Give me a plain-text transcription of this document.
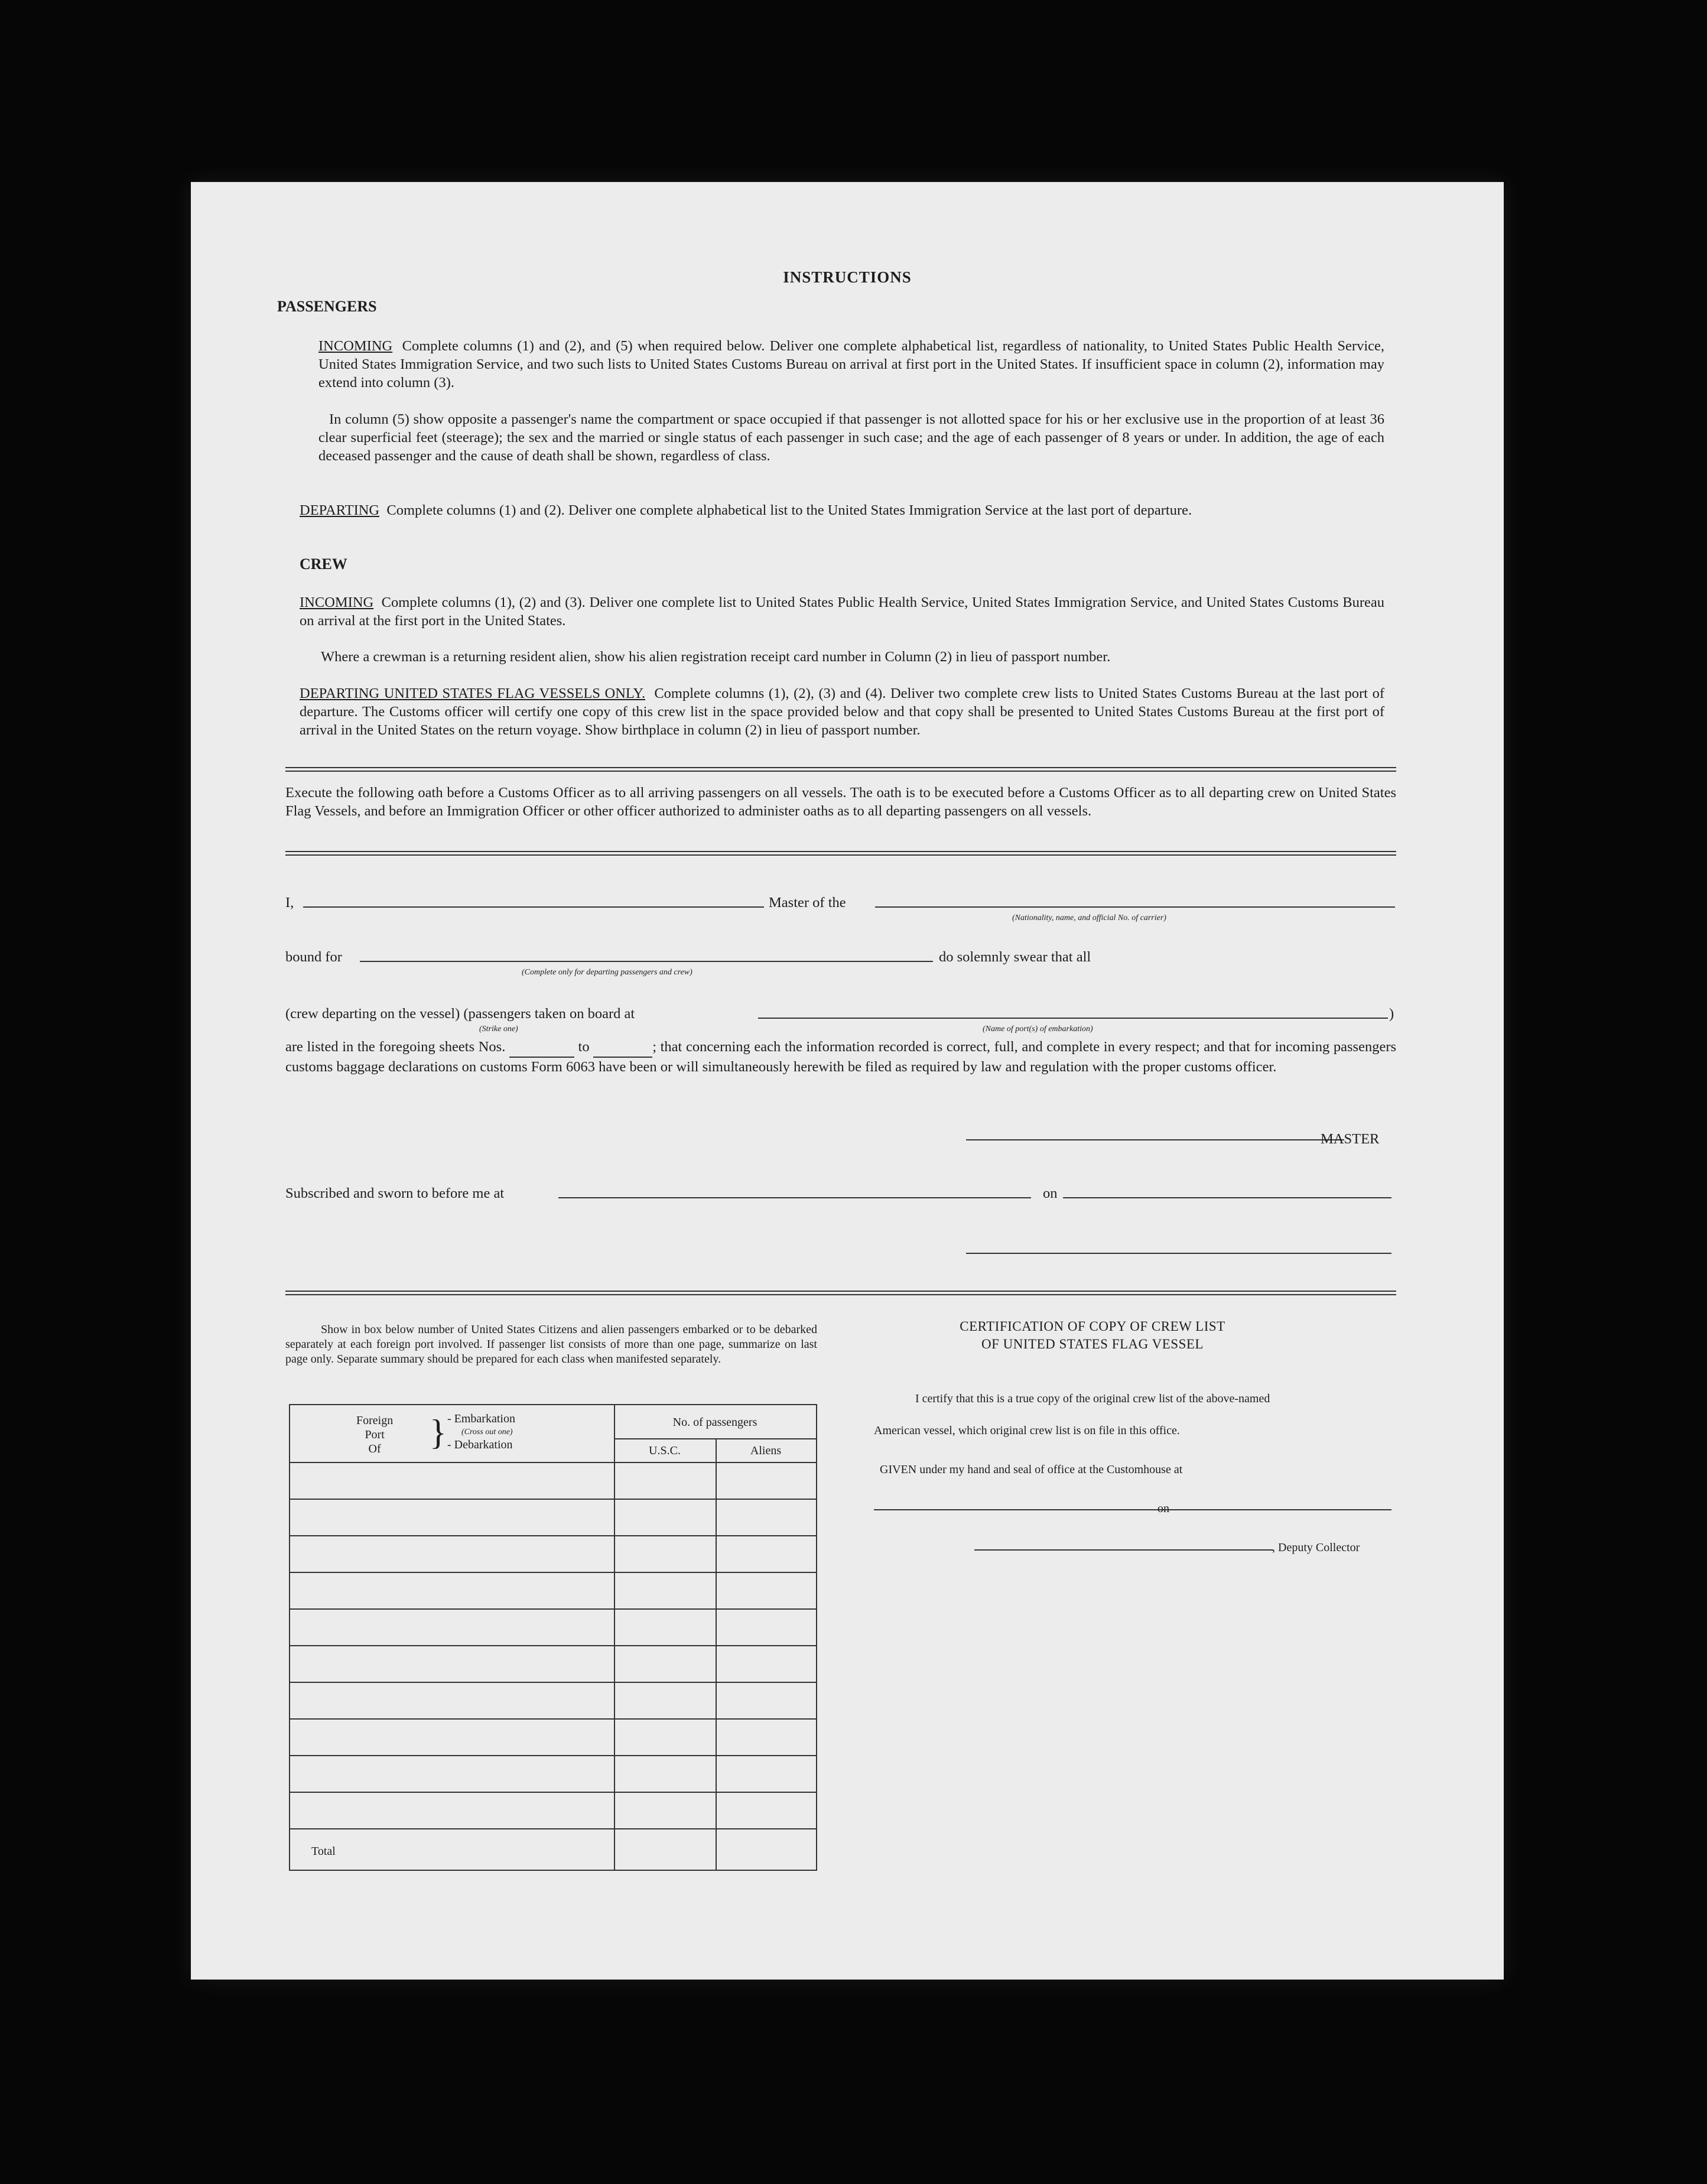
INSTRUCTIONS
PASSENGERS
INCOMING Complete columns (1) and (2), and (5) when required below. Deliver one complete alphabetical list, regardless of nationality, to United States Public Health Service, United States Immigration Service, and two such lists to United States Customs Bureau on arrival at first port in the United States. If insufficient space in column (2), information may extend into column (3).
In column (5) show opposite a passenger's name the compartment or space occupied if that passenger is not allotted space for his or her exclusive use in the proportion of at least 36 clear superficial feet (steerage); the sex and the married or single status of each passenger in such case; and the age of each passenger of 8 years or under. In addition, the age of each deceased passenger and the cause of death shall be shown, regardless of class.
DEPARTING Complete columns (1) and (2). Deliver one complete alphabetical list to the United States Immigration Service at the last port of departure.
CREW
INCOMING Complete columns (1), (2) and (3). Deliver one complete list to United States Public Health Service, United States Immigration Service, and United States Customs Bureau on arrival at the first port in the United States.
Where a crewman is a returning resident alien, show his alien registration receipt card number in Column (2) in lieu of passport number.
DEPARTING UNITED STATES FLAG VESSELS ONLY. Complete columns (1), (2), (3) and (4). Deliver two complete crew lists to United States Customs Bureau at the last port of departure. The Customs officer will certify one copy of this crew list in the space provided below and that copy shall be presented to United States Customs Bureau at the first port of arrival in the United States on the return voyage. Show birthplace in column (2) in lieu of passport number.
Execute the following oath before a Customs Officer as to all arriving passengers on all vessels. The oath is to be executed before a Customs Officer as to all departing crew on United States Flag Vessels, and before an Immigration Officer or other officer authorized to administer oaths as to all departing passengers on all vessels.
I,	Master of the
(Nationality, name, and official No. of carrier)
bound for
(Complete only for departing passengers and crew)
do solemnly swear that all
(crew departing on the vessel) (passengers taken on board at	)
(Strike one)	(Name of port(s) of embarkation)
are listed in the foregoing sheets Nos.	to	; that concerning each the information recorded is correct, full, and complete in every respect; and that for incoming passengers customs baggage declarations on customs Form 6063 have been or will simultaneously herewith be filed as required by law and regulation with the proper customs officer.
MASTER
Subscribed and sworn to before me at	on
Show in box below number of United States Citizens and alien passengers embarked or to be debarked separately at each foreign port involved. If passenger list consists of more than one page, summarize on last page only. Separate summary should be prepared for each class when manifested separately.
Foreign
Port
Of	} - Embarkation
(Cross out one)
- Debarkation
No. of passengers
U.S.C.	Aliens
Total
CERTIFICATION OF COPY OF CREW LIST
OF UNITED STATES FLAG VESSEL
I certify that this is a true copy of the original crew list of the above-named
American vessel, which original crew list is on file in this office.
GIVEN under my hand and seal of office at the Customhouse at
on
, Deputy Collector
